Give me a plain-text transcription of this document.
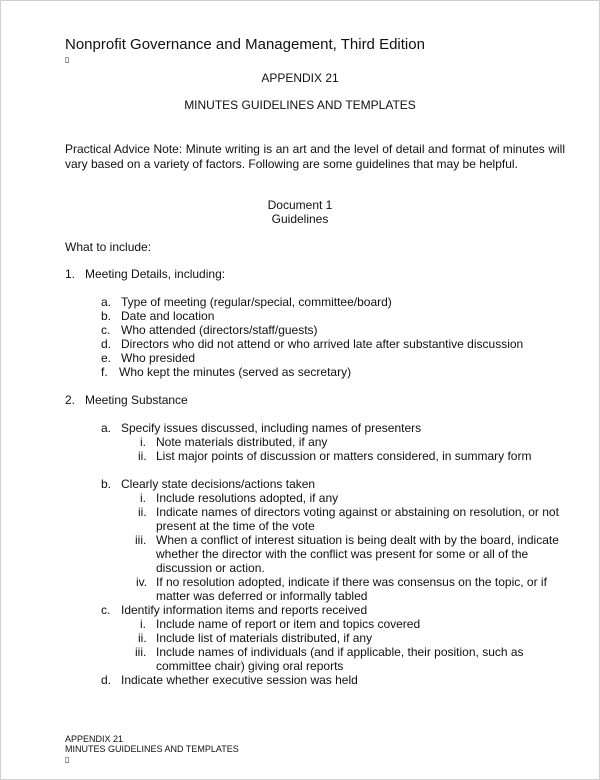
Nonprofit Governance and Management, Third Edition
▯
APPENDIX 21
MINUTES GUIDELINES AND TEMPLATES
Practical Advice Note: Minute writing is an art and the level of detail and format of minutes will vary based on a variety of factors. Following are some guidelines that may be helpful.
Document 1
Guidelines
What to include:
1. Meeting Details, including:
a. Type of meeting (regular/special, committee/board)
b. Date and location
c. Who attended (directors/staff/guests)
d. Directors who did not attend or who arrived late after substantive discussion
e. Who presided
f. Who kept the minutes (served as secretary)
2. Meeting Substance
a. Specify issues discussed, including names of presenters
i. Note materials distributed, if any
ii. List major points of discussion or matters considered, in summary form
b. Clearly state decisions/actions taken
i. Include resolutions adopted, if any
ii. Indicate names of directors voting against or abstaining on resolution, or not present at the time of the vote
iii. When a conflict of interest situation is being dealt with by the board, indicate whether the director with the conflict was present for some or all of the discussion or action.
iv. If no resolution adopted, indicate if there was consensus on the topic, or if matter was deferred or informally tabled
c. Identify information items and reports received
i. Include name of report or item and topics covered
ii. Include list of materials distributed, if any
iii. Include names of individuals (and if applicable, their position, such as committee chair) giving oral reports
d. Indicate whether executive session was held
APPENDIX 21
MINUTES GUIDELINES AND TEMPLATES
▯
